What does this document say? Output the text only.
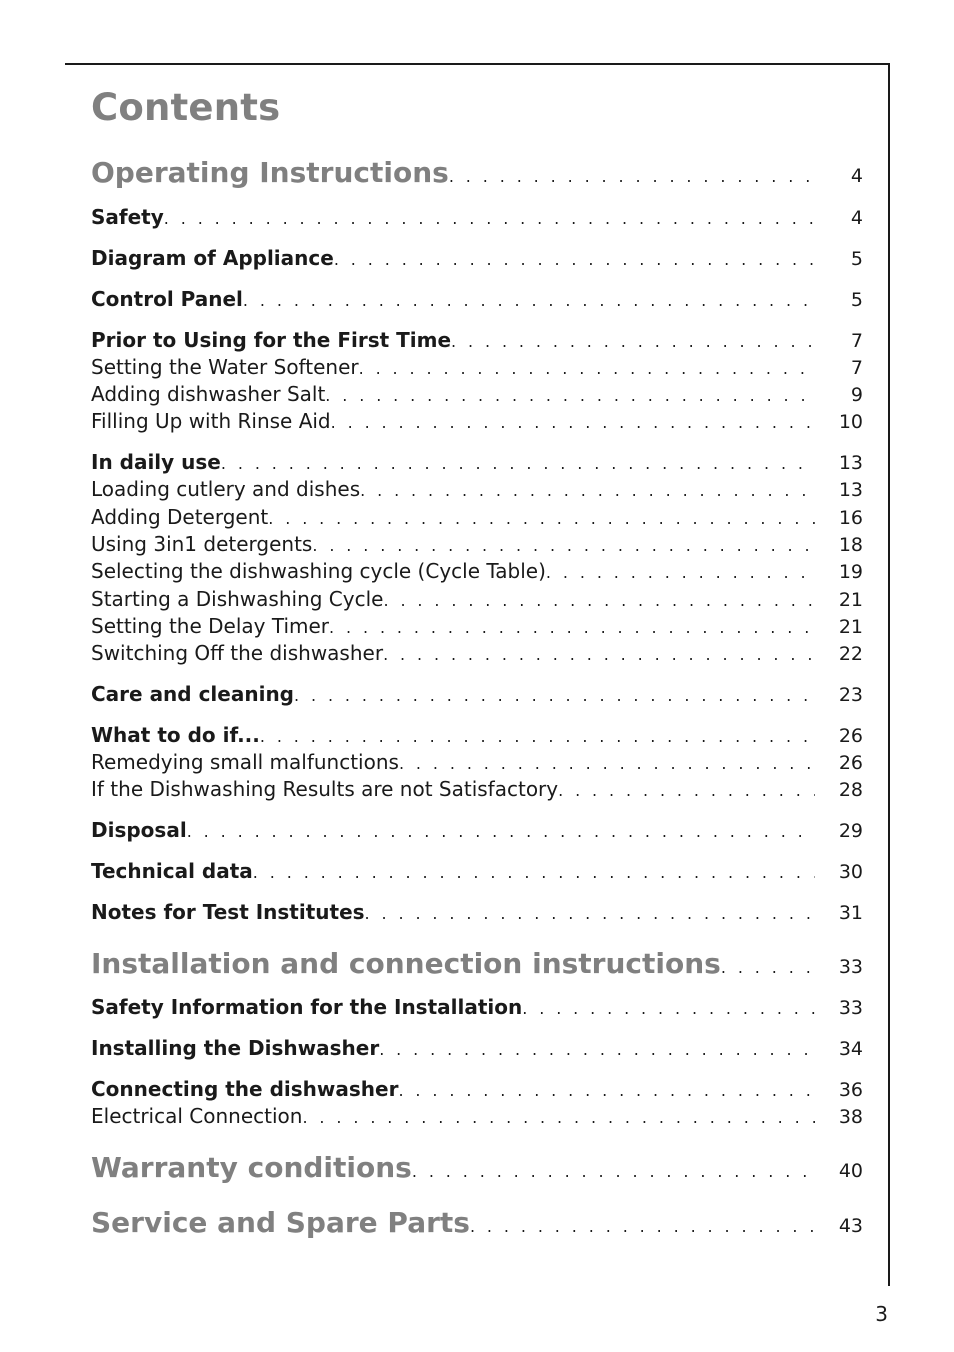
Contents
Operating Instructions . . .	4
Safety . . .	4
Diagram of Appliance . . .	5
Control Panel . . .	5
Prior to Using for the First Time . . .	7
Setting the Water Softener . . .	7
Adding dishwasher Salt . . .	9
Filling Up with Rinse Aid . . .	10
In daily use . . .	13
Loading cutlery and dishes . . .	13
Adding Detergent . . .	16
Using 3in1 detergents . . .	18
Selecting the dishwashing cycle (Cycle Table) . . .	19
Starting a Dishwashing Cycle . . .	21
Setting the Delay Timer . . .	21
Switching Off the dishwasher . . .	22
Care and cleaning . . .	23
What to do if... . . .	26
Remedying small malfunctions . . .	26
If the Dishwashing Results are not Satisfactory . . .	28
Disposal . . .	29
Technical data . . .	30
Notes for Test Institutes . . .	31
Installation and connection instructions . . .	33
Safety Information for the Installation . . .	33
Installing the Dishwasher . . .	34
Connecting the dishwasher . . .	36
Electrical Connection . . .	38
Warranty conditions . . .	40
Service and Spare Parts . . .	43
3
